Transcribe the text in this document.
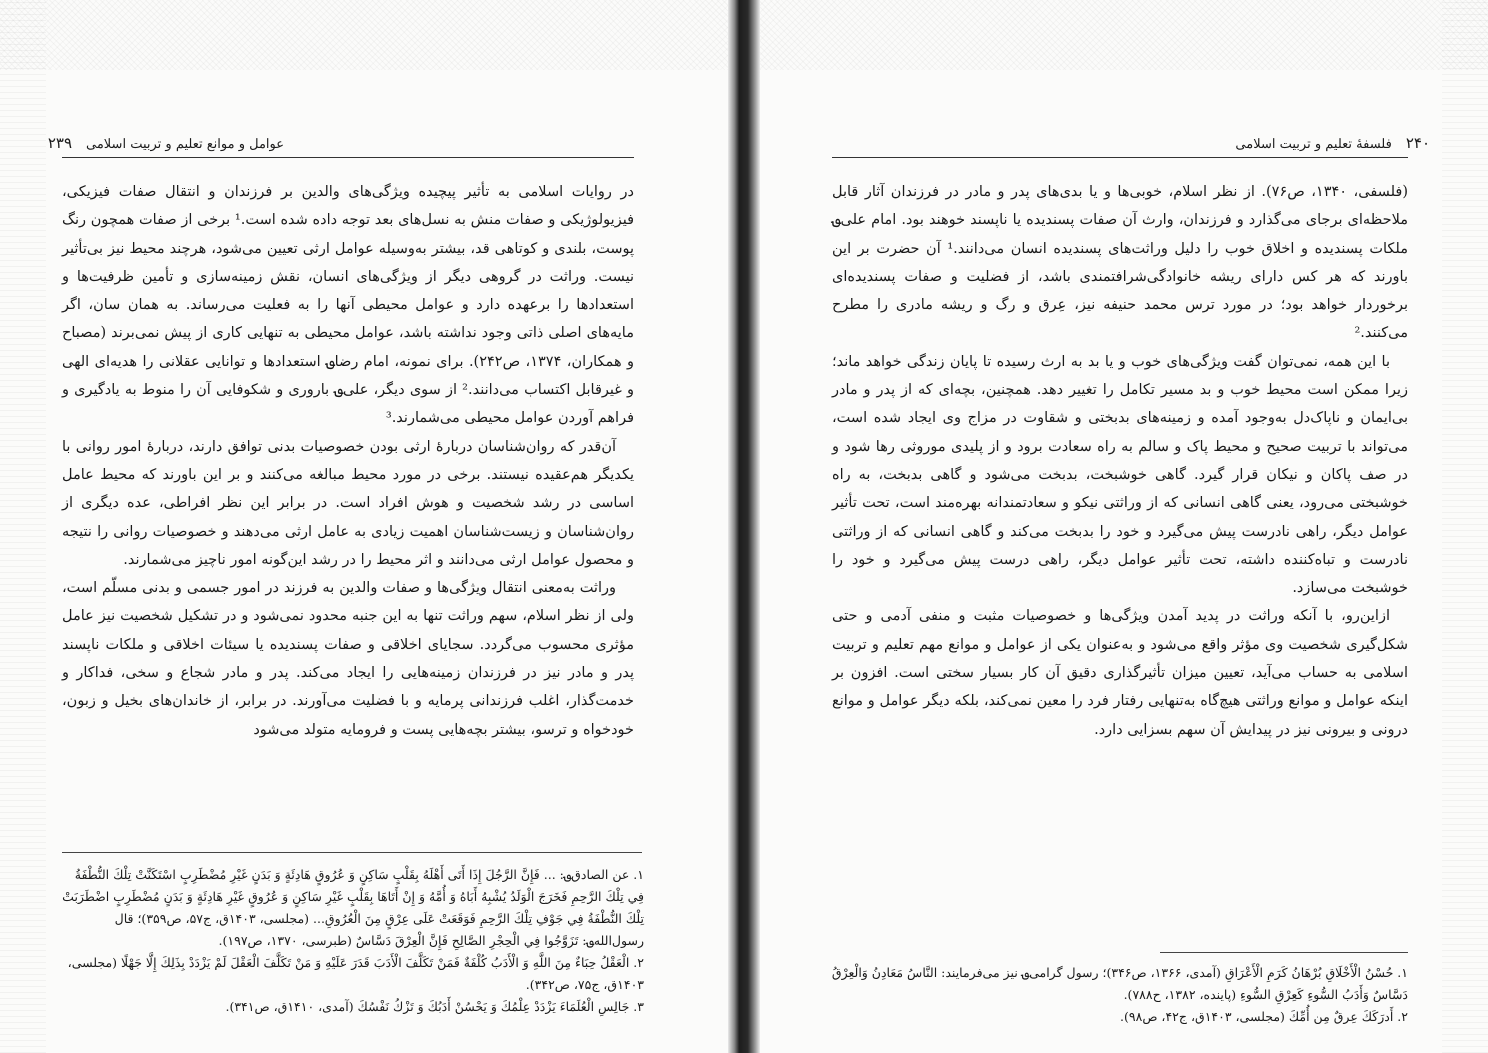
عوامل و موانع تعلیم و تربیت اسلامی
۲۳۹

در روایات اسلامی به تأثیر پیچیده ویژگی‌های والدین بر فرزندان و انتقال صفات فیزیکی، فیزیولوژیکی و صفات منش به نسل‌های بعد توجه داده شده است.¹ برخی از صفات همچون رنگ پوست، بلندی و کوتاهی قد، بیشتر به‌وسیله عوامل ارثی تعیین می‌شود، هرچند محیط نیز بی‌تأثیر نیست. وراثت در گروهی دیگر از ویژگی‌های انسان، نقش زمینه‌سازی و تأمین ظرفیت‌ها و استعدادها را برعهده دارد و عوامل محیطی آنها را به فعلیت می‌رساند. به همان سان، اگر مایه‌های اصلی ذاتی وجود نداشته باشد، عوامل محیطی به تنهایی کاری از پیش نمی‌برند (مصباح و همکاران، ۱۳۷۴، ص۲۴۲). برای نمونه، امام رضا؈ استعدادها و توانایی عقلانی را هدیه‌ای الهی و غیرقابل اکتساب می‌دانند.² از سوی دیگر، علی؈ باروری و شکوفایی آن را منوط به یادگیری و فراهم آوردن عوامل محیطی می‌شمارند.³

آن‌قدر که روان‌شناسان دربارهٔ ارثی بودن خصوصیات بدنی توافق دارند، دربارهٔ امور روانی با یکدیگر هم‌عقیده نیستند. برخی در مورد محیط مبالغه می‌کنند و بر این باورند که محیط عامل اساسی در رشد شخصیت و هوش افراد است. در برابر این نظر افراطی، عده دیگری از روان‌شناسان و زیست‌شناسان اهمیت زیادی به عامل ارثی می‌دهند و خصوصیات روانی را نتیجه و محصول عوامل ارثی می‌دانند و اثر محیط را در رشد این‌گونه امور ناچیز می‌شمارند.

وراثت به‌معنی انتقال ویژگی‌ها و صفات والدین به فرزند در امور جسمی و بدنی مسلّم است، ولی از نظر اسلام، سهم وراثت تنها به این جنبه محدود نمی‌شود و در تشکیل شخصیت نیز عامل مؤثری محسوب می‌گردد. سجایای اخلاقی و صفات پسندیده یا سیئات اخلاقی و ملکات ناپسند پدر و مادر نیز در فرزندان زمینه‌هایی را ایجاد می‌کند. پدر و مادر شجاع و سخی، فداکار و خدمت‌گذار، اغلب فرزندانی پرمایه و با فضلیت می‌آورند. در برابر، از خاندان‌های بخیل و زبون، خودخواه و ترسو، بیشتر بچه‌هایی پست و فرومایه متولد می‌شود

۱. عن الصادق؈: ... فَإِنَّ الرَّجُلَ إِذَا أَتَى أَهْلَهُ بِقَلْبٍ سَاكِنٍ وَ عُرُوقٍ هَادِئَةٍ وَ بَدَنٍ غَيْرِ مُضْطَرِبٍ اسْتَكَنَّتْ تِلْكَ النُّطْفَةُ فِي تِلْكَ الرَّحِمِ فَخَرَجَ الْوَلَدُ يُشْبِهُ أَبَاهُ وَ أُمَّهُ وَ إِنْ أَتَاهَا بِقَلْبٍ غَيْرِ سَاكِنٍ وَ عُرُوقٍ غَيْرِ هَادِئَةٍ وَ بَدَنٍ مُضْطَرِبٍ اضْطَرَبَتْ تِلْكَ النُّطْفَةُ فِي جَوْفِ تِلْكَ الرَّحِمِ فَوَقَعَتْ عَلَى عِرْقٍ مِنَ الْعُرُوقِ... (مجلسی، ۱۴۰۳ق، ج۵۷، ص۳۵۹)؛ قال رسول‌الله؈: تَزَوَّجُوا فِي الْحِجْرِ الصَّالِحِ فَإِنَّ الْعِرْقَ دَسَّاسٌ (طبرسی، ۱۳۷۰، ص۱۹۷).

۲. الْعَقْلُ حِبَاءٌ مِنَ اللَّهِ وَ الْأَدَبُ كُلْفَةٌ فَمَنْ تَكَلَّفَ الْأَدَبَ قَدَرَ عَلَيْهِ وَ مَنْ تَكَلَّفَ الْعَقْلَ لَمْ يَزْدَدْ بِذَلِكَ إِلَّا جَهْلًا (مجلسی، ۱۴۰۳ق، ج۷۵، ص۳۴۲).

۳. جَالِسِ الْعُلَمَاءَ يَزْدَدْ عِلْمُكَ وَ يَحْسُنْ أَدَبُكَ وَ تَزْكُ نَفْسُكَ (آمدی، ۱۴۱۰ق، ص۳۴۱).

۲۴۰
فلسفهٔ تعلیم و تربیت اسلامی

(فلسفی، ۱۳۴۰، ص۷۶). از نظر اسلام، خوبی‌ها و یا بدی‌های پدر و مادر در فرزندان آثار قابل ملاحظه‌ای برجای می‌گذارد و فرزندان، وارث آن صفات پسندیده یا ناپسند خوهند بود. امام علی؈ ملکات پسندیده و اخلاق خوب را دلیل وراثت‌های پسندیده انسان می‌دانند.¹ آن حضرت بر این باورند که هر کس دارای ریشه خانوادگی‌شرافتمندی باشد، از فضلیت و صفات پسندیده‌ای برخوردار خواهد بود؛ در مورد ترس محمد حنیفه نیز، عِرق و رگ و ریشه مادری را مطرح می‌کنند.²

با این همه، نمی‌توان گفت ویژگی‌های خوب و یا بد به ارث رسیده تا پایان زندگی خواهد ماند؛ زیرا ممکن است محیط خوب و بد مسیر تکامل را تغییر دهد. همچنین، بچه‌ای که از پدر و مادر بی‌ایمان و ناپاک‌دل به‌وجود آمده و زمینه‌های بدبختی و شقاوت در مزاج وی ایجاد شده است، می‌تواند با تربیت صحیح و محیط پاک و سالم به راه سعادت برود و از پلیدی موروثی رها شود و در صف پاکان و نیکان قرار گیرد. گاهی خوشبخت، بدبخت می‌شود و گاهی بدبخت، به راه خوشبختی می‌رود، یعنی گاهی انسانی که از وراثتی نیکو و سعادتمندانه بهره‌مند است، تحت تأثیر عوامل دیگر، راهی نادرست پیش می‌گیرد و خود را بدبخت می‌کند و گاهی انسانی که از وراثتی نادرست و تباه‌کننده داشته، تحت تأثیر عوامل دیگر، راهی درست پیش می‌گیرد و خود را خوشبخت می‌سازد.

ازاین‌رو، با آنکه وراثت در پدید آمدن ویژگی‌ها و خصوصیات مثبت و منفی آدمی و حتی شکل‌گیری شخصیت وی مؤثر واقع می‌شود و به‌عنوان یکی از عوامل و موانع مهم تعلیم و تربیت اسلامی به حساب می‌آید، تعیین میزان تأثیرگذاری دقیق آن کار بسیار سختی است. افزون بر اینکه عوامل و موانع وراثتی هیچ‌گاه به‌تنهایی رفتار فرد را معین نمی‌کند، بلکه دیگر عوامل و موانع درونی و بیرونی نیز در پیدایش آن سهم بسزایی دارد.

۱. حُسْنُ الْأَخْلَاقِ بُرْهَانُ كَرَمِ الْأَعْرَاقِ (آمدی، ۱۳۶۶، ص۳۴۶)؛ رسول گرامی؈ نیز می‌فرمایند: النَّاسُ مَعَادِنُ وَالْعِرْقُ دَسَّاسٌ وَأَدَبُ السُّوءِ كَعِرْقِ السُّوءِ (پاینده، ۱۳۸۲، ح۷۸۸).

۲. أَدرَكَكَ عِرقٌ مِن أُمِّكَ (مجلسی، ۱۴۰۳ق، ج۴۲، ص۹۸).
